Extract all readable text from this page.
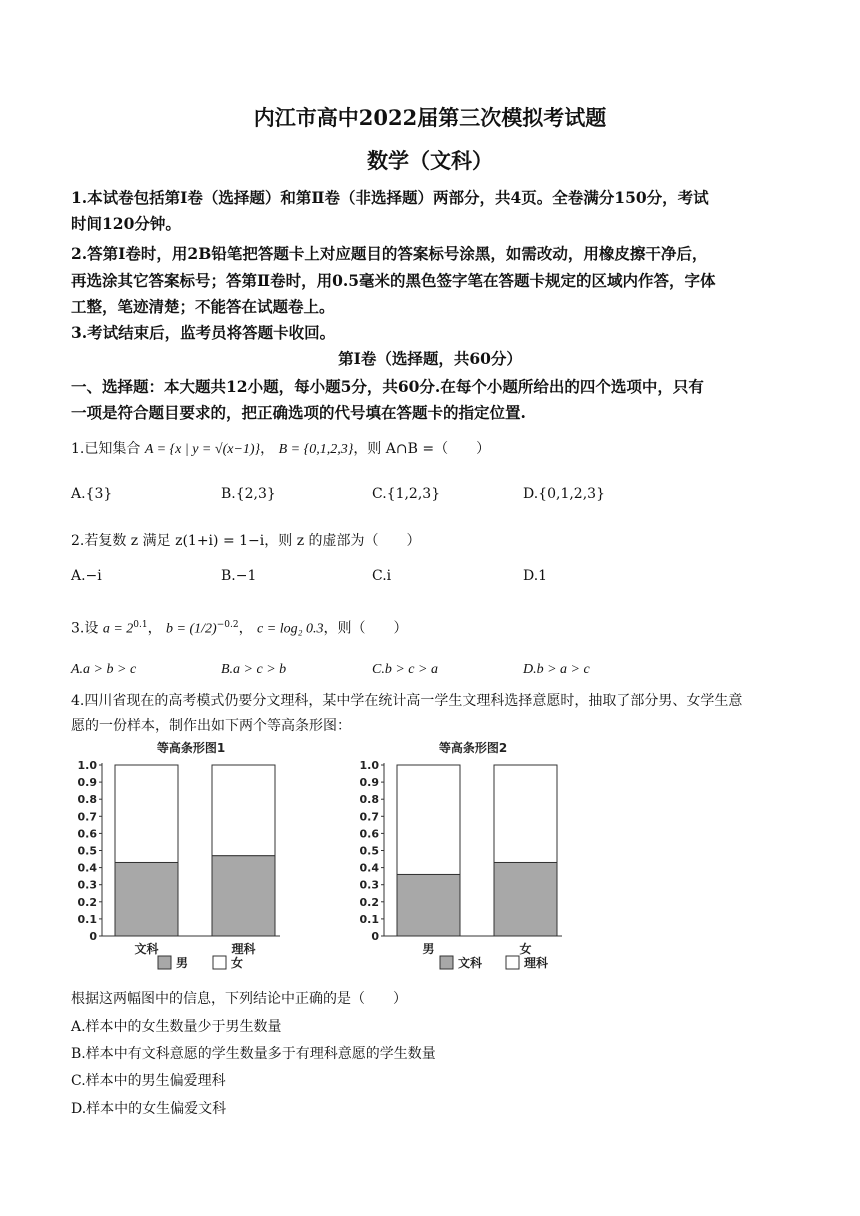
内江市高中2022届第三次模拟考试题
数学（文科）
1.本试卷包括第Ⅰ卷（选择题）和第Ⅱ卷（非选择题）两部分，共4页。全卷满分150分，考试
时间120分钟。
2.答第Ⅰ卷时，用2B铅笔把答题卡上对应题目的答案标号涂黑，如需改动，用橡皮擦干净后，
再选涂其它答案标号；答第Ⅱ卷时，用0.5毫米的黑色签字笔在答题卡规定的区域内作答，字体
工整，笔迹清楚；不能答在试题卷上。
3.考试结束后，监考员将答题卡收回。
第Ⅰ卷（选择题，共60分）
一、选择题：本大题共12小题，每小题5分，共60分.在每个小题所给出的四个选项中，只有
一项是符合题目要求的，把正确选项的代号填在答题卡的指定位置.
1.已知集合 A = {x | y = √(x−1)}， B = {0,1,2,3}，则 A∩B =（　　）
A.{3}	B.{2,3}	C.{1,2,3}	D.{0,1,2,3}
2.若复数 z 满足 z(1+i) = 1−i，则 z 的虚部为（　　）
A.−i	B.−1	C.i	D.1
3.设 $a = 2^{0.1}$， $b = (1/2)^{-0.2}$， c = log₂ 0.3，则（　　）
A.a > b > c	B.a > c > b	C.b > c > a	D.b > a > c
4.四川省现在的高考模式仍要分文理科，某中学在统计高一学生文理科选择意愿时，抽取了部分男、女学生意
愿的一份样本，制作出如下两个等高条形图：
等高条形图1
0
0.1
0.2
0.3
0.4
0.5
0.6
0.7
0.8
0.9
1.0
文科	理科
男	女
等高条形图2
0
0.1
0.2
0.3
0.4
0.5
0.6
0.7
0.8
0.9
1.0
男	女
文科	理科
根据这两幅图中的信息，下列结论中正确的是（　　）
A.样本中的女生数量少于男生数量
B.样本中有文科意愿的学生数量多于有理科意愿的学生数量
C.样本中的男生偏爱理科
D.样本中的女生偏爱文科
